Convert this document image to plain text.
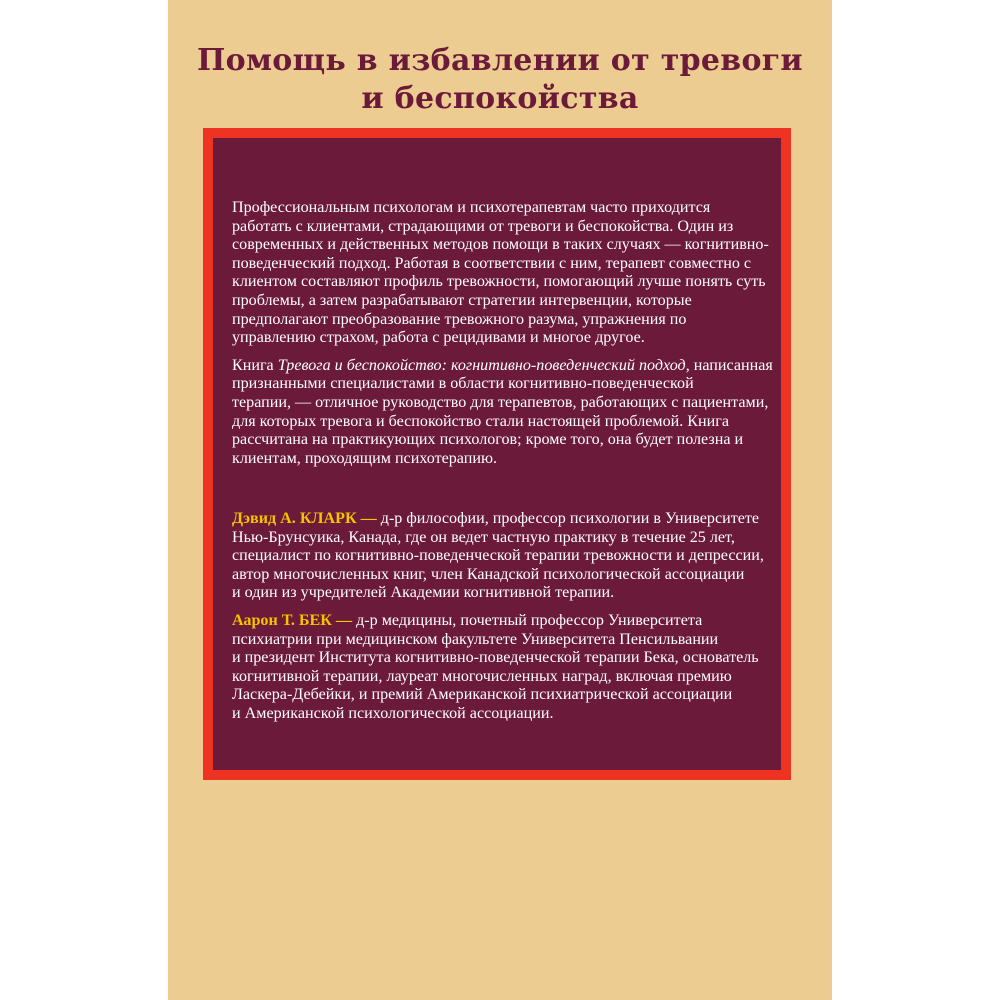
Помощь в избавлении от тревоги
и беспокойства

Профессиональным психологам и психотерапевтам часто приходится
работать с клиентами, страдающими от тревоги и беспокойства. Один из
современных и действенных методов помощи в таких случаях — когнитивно-
поведенческий подход. Работая в соответствии с ним, терапевт совместно с
клиентом составляют профиль тревожности, помогающий лучше понять суть
проблемы, а затем разрабатывают стратегии интервенции, которые
предполагают преобразование тревожного разума, упражнения по
управлению страхом, работа с рецидивами и многое другое.

Книга Тревога и беспокойство: когнитивно-поведенческий подход, написанная
признанными специалистами в области когнитивно-поведенческой
терапии, — отличное руководство для терапевтов, работающих с пациентами,
для которых тревога и беспокойство стали настоящей проблемой. Книга
рассчитана на практикующих психологов; кроме того, она будет полезна и
клиентам, проходящим психотерапию.

Дэвид А. КЛАРК — д-р философии, профессор психологии в Университете
Нью-Брунсуика, Канада, где он ведет частную практику в течение 25 лет,
специалист по когнитивно-поведенческой терапии тревожности и депрессии,
автор многочисленных книг, член Канадской психологической ассоциации
и один из учредителей Академии когнитивной терапии.

Аарон Т. БЕК — д-р медицины, почетный профессор Университета
психиатрии при медицинском факультете Университета Пенсильвании
и президент Института когнитивно-поведенческой терапии Бека, основатель
когнитивной терапии, лауреат многочисленных наград, включая премию
Ласкера-Дебейки, и премий Американской психиатрической ассоциации
и Американской психологической ассоциации.
